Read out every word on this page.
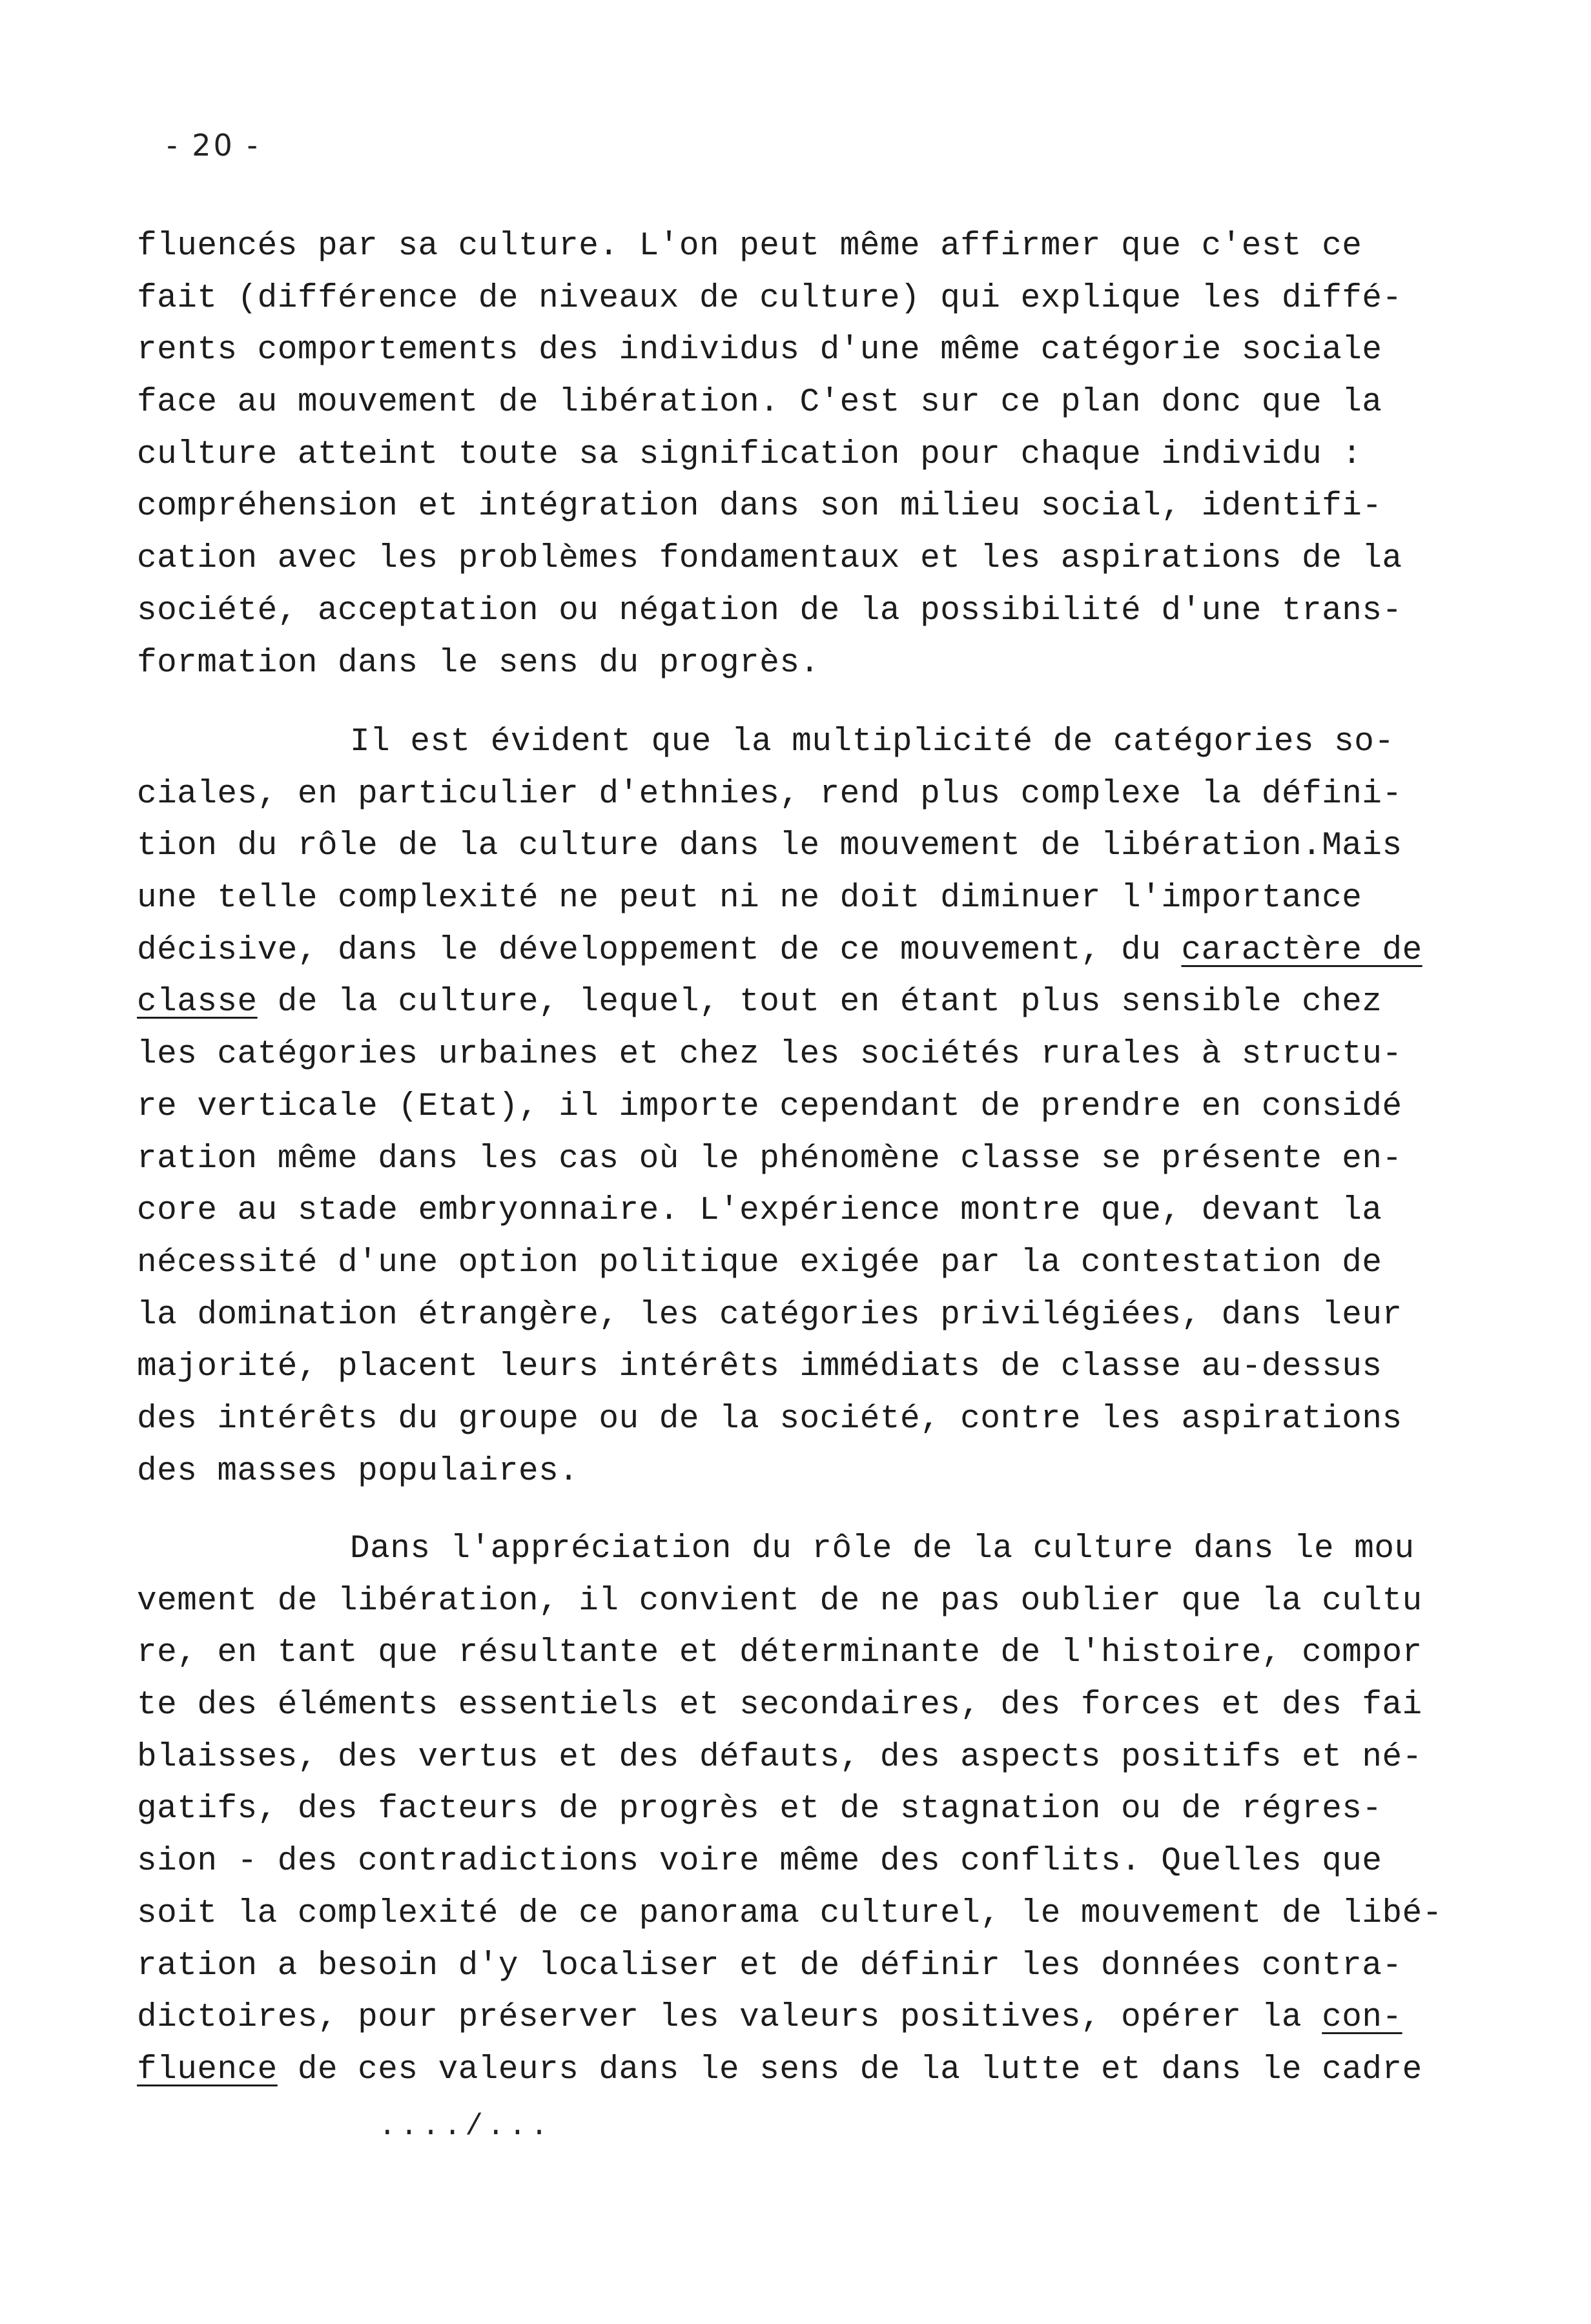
- 20 -
fluencés par sa culture. L'on peut même affirmer que c'est ce
fait (différence de niveaux de culture) qui explique les diffé-
rents comportements des individus d'une même catégorie sociale
face au mouvement de libération. C'est sur ce plan donc que la
culture atteint toute sa signification pour chaque individu :
compréhension et intégration dans son milieu social, identifi-
cation avec les problèmes fondamentaux et les aspirations de la
société, acceptation ou négation de la possibilité d'une trans-
formation dans le sens du progrès.
Il est évident que la multiplicité de catégories so-
ciales, en particulier d'ethnies, rend plus complexe la défini-
tion du rôle de la culture dans le mouvement de libération.Mais
une telle complexité ne peut ni ne doit diminuer l'importance
décisive, dans le développement de ce mouvement, du caractère de
classe de la culture, lequel, tout en étant plus sensible chez
les catégories urbaines et chez les sociétés rurales à structu-
re verticale (Etat), il importe cependant de prendre en considé
ration même dans les cas où le phénomène classe se présente en-
core au stade embryonnaire. L'expérience montre que, devant la
nécessité d'une option politique exigée par la contestation de
la domination étrangère, les catégories privilégiées, dans leur
majorité, placent leurs intérêts immédiats de classe au-dessus
des intérêts du groupe ou de la société, contre les aspirations
des masses populaires.
Dans l'appréciation du rôle de la culture dans le mou
vement de libération, il convient de ne pas oublier que la cultu
re, en tant que résultante et déterminante de l'histoire, compor
te des éléments essentiels et secondaires, des forces et des fai
blaisses, des vertus et des défauts, des aspects positifs et né-
gatifs, des facteurs de progrès et de stagnation ou de régres-
sion - des contradictions voire même des conflits. Quelles que
soit la complexité de ce panorama culturel, le mouvement de libé-
ration a besoin d'y localiser et de définir les données contra-
dictoires, pour préserver les valeurs positives, opérer la con-
fluence de ces valeurs dans le sens de la lutte et dans le cadre
..../...
